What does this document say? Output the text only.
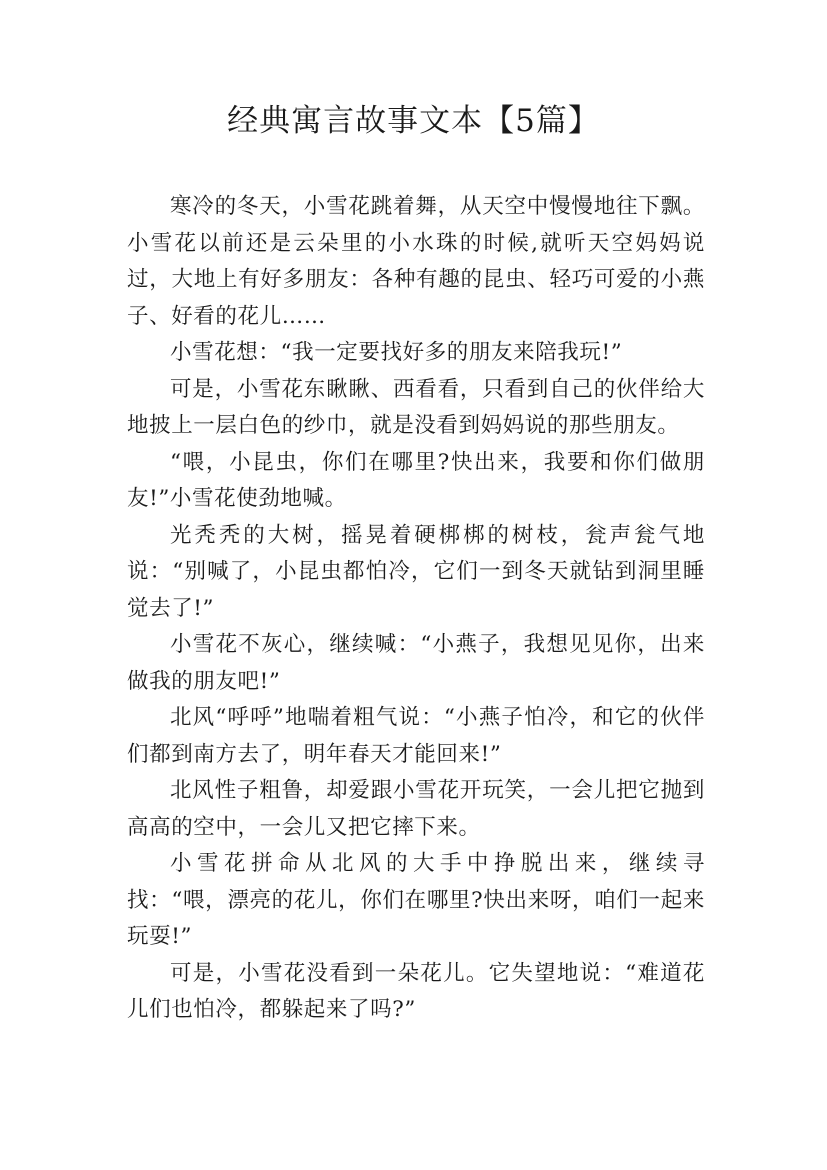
经典寓言故事文本【5篇】

寒冷的冬天，小雪花跳着舞，从天空中慢慢地往下飘。小雪花以前还是云朵里的小水珠的时候,就听天空妈妈说过，大地上有好多朋友：各种有趣的昆虫、轻巧可爱的小燕子、好看的花儿……

小雪花想：“我一定要找好多的朋友来陪我玩!”

可是，小雪花东瞅瞅、西看看，只看到自己的伙伴给大地披上一层白色的纱巾，就是没看到妈妈说的那些朋友。

“喂，小昆虫，你们在哪里?快出来，我要和你们做朋友!”小雪花使劲地喊。

光秃秃的大树，摇晃着硬梆梆的树枝，瓮声瓮气地说：“别喊了，小昆虫都怕冷，它们一到冬天就钻到洞里睡觉去了!”

小雪花不灰心，继续喊：“小燕子，我想见见你，出来做我的朋友吧!”

北风“呼呼”地喘着粗气说：“小燕子怕冷，和它的伙伴们都到南方去了，明年春天才能回来!”

北风性子粗鲁，却爱跟小雪花开玩笑，一会儿把它抛到高高的空中，一会儿又把它摔下来。

小雪花拼命从北风的大手中挣脱出来，继续寻找：“喂，漂亮的花儿，你们在哪里?快出来呀，咱们一起来玩耍!”

可是，小雪花没看到一朵花儿。它失望地说：“难道花儿们也怕冷，都躲起来了吗?”
